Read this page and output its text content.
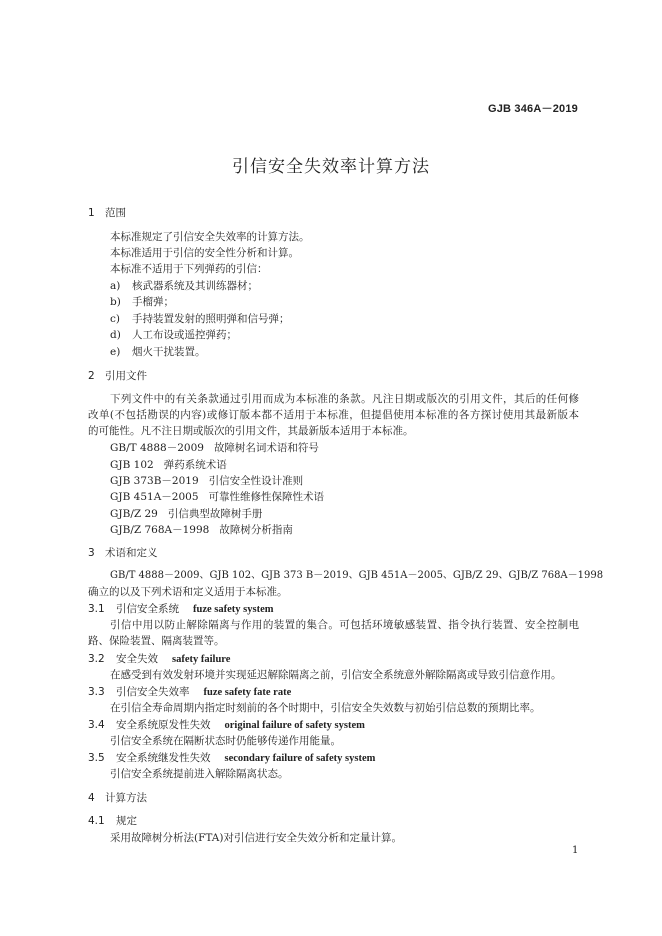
GJB 346A－2019
引信安全失效率计算方法
1 范围
本标准规定了引信安全失效率的计算方法。
本标准适用于引信的安全性分析和计算。
本标准不适用于下列弹药的引信：
a) 核武器系统及其训练器材；
b) 手榴弹；
c) 手持装置发射的照明弹和信号弹；
d) 人工布设或遥控弹药；
e) 烟火干扰装置。
2 引用文件
下列文件中的有关条款通过引用而成为本标准的条款。凡注日期或版次的引用文件，其后的任何修
改单(不包括勘误的内容)或修订版本都不适用于本标准，但提倡使用本标准的各方探讨使用其最新版本
的可能性。凡不注日期或版次的引用文件，其最新版本适用于本标准。
GB/T 4888－2009 故障树名词术语和符号
GJB 102 弹药系统术语
GJB 373B－2019 引信安全性设计准则
GJB 451A－2005 可靠性维修性保障性术语
GJB/Z 29 引信典型故障树手册
GJB/Z 768A－1998 故障树分析指南
3 术语和定义
GB/T 4888－2009、GJB 102、GJB 373 B－2019、GJB 451A－2005、GJB/Z 29、GJB/Z 768A－1998
确立的以及下列术语和定义适用于本标准。
3.1 引信安全系统 fuze safety system
引信中用以防止解除隔离与作用的装置的集合。可包括环境敏感装置、指令执行装置、安全控制电
路、保险装置、隔离装置等。
3.2 安全失效 safety failure
在感受到有效发射环境并实现延迟解除隔离之前，引信安全系统意外解除隔离或导致引信意作用。
3.3 引信安全失效率 fuze safety fate rate
在引信全寿命周期内指定时刻前的各个时期中，引信安全失效数与初始引信总数的预期比率。
3.4 安全系统原发性失效 original failure of safety system
引信安全系统在隔断状态时仍能够传递作用能量。
3.5 安全系统继发性失效 secondary failure of safety system
引信安全系统提前进入解除隔离状态。
4 计算方法
4.1 规定
采用故障树分析法(FTA)对引信进行安全失效分析和定量计算。
1
